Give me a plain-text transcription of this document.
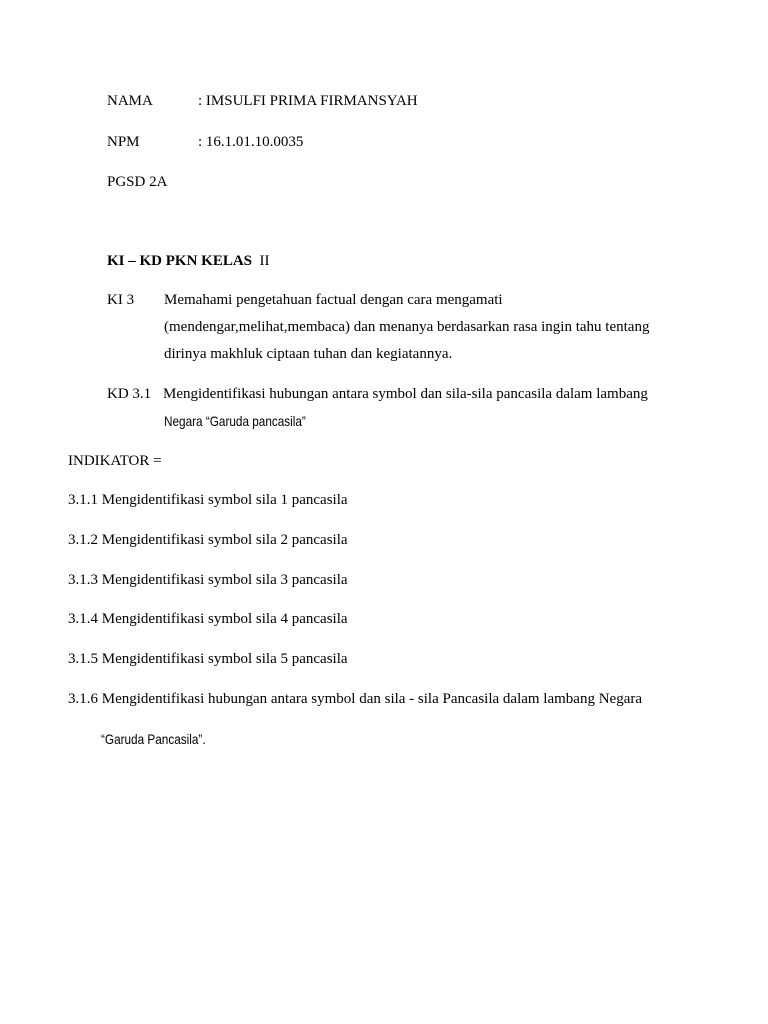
NAMA	: IMSULFI PRIMA FIRMANSYAH
NPM	: 16.1.01.10.0035
PGSD 2A
KI – KD PKN KELAS II
KI 3 Memahami pengetahuan factual dengan cara mengamati
(mendengar,melihat,membaca) dan menanya berdasarkan rasa ingin tahu tentang
dirinya makhluk ciptaan tuhan dan kegiatannya.
KD 3.1 Mengidentifikasi hubungan antara symbol dan sila-sila pancasila dalam lambang
Negara “Garuda pancasila”
INDIKATOR =
3.1.1 Mengidentifikasi symbol sila 1 pancasila
3.1.2 Mengidentifikasi symbol sila 2 pancasila
3.1.3 Mengidentifikasi symbol sila 3 pancasila
3.1.4 Mengidentifikasi symbol sila 4 pancasila
3.1.5 Mengidentifikasi symbol sila 5 pancasila
3.1.6 Mengidentifikasi hubungan antara symbol dan sila - sila Pancasila dalam lambang Negara
“Garuda Pancasila”.
